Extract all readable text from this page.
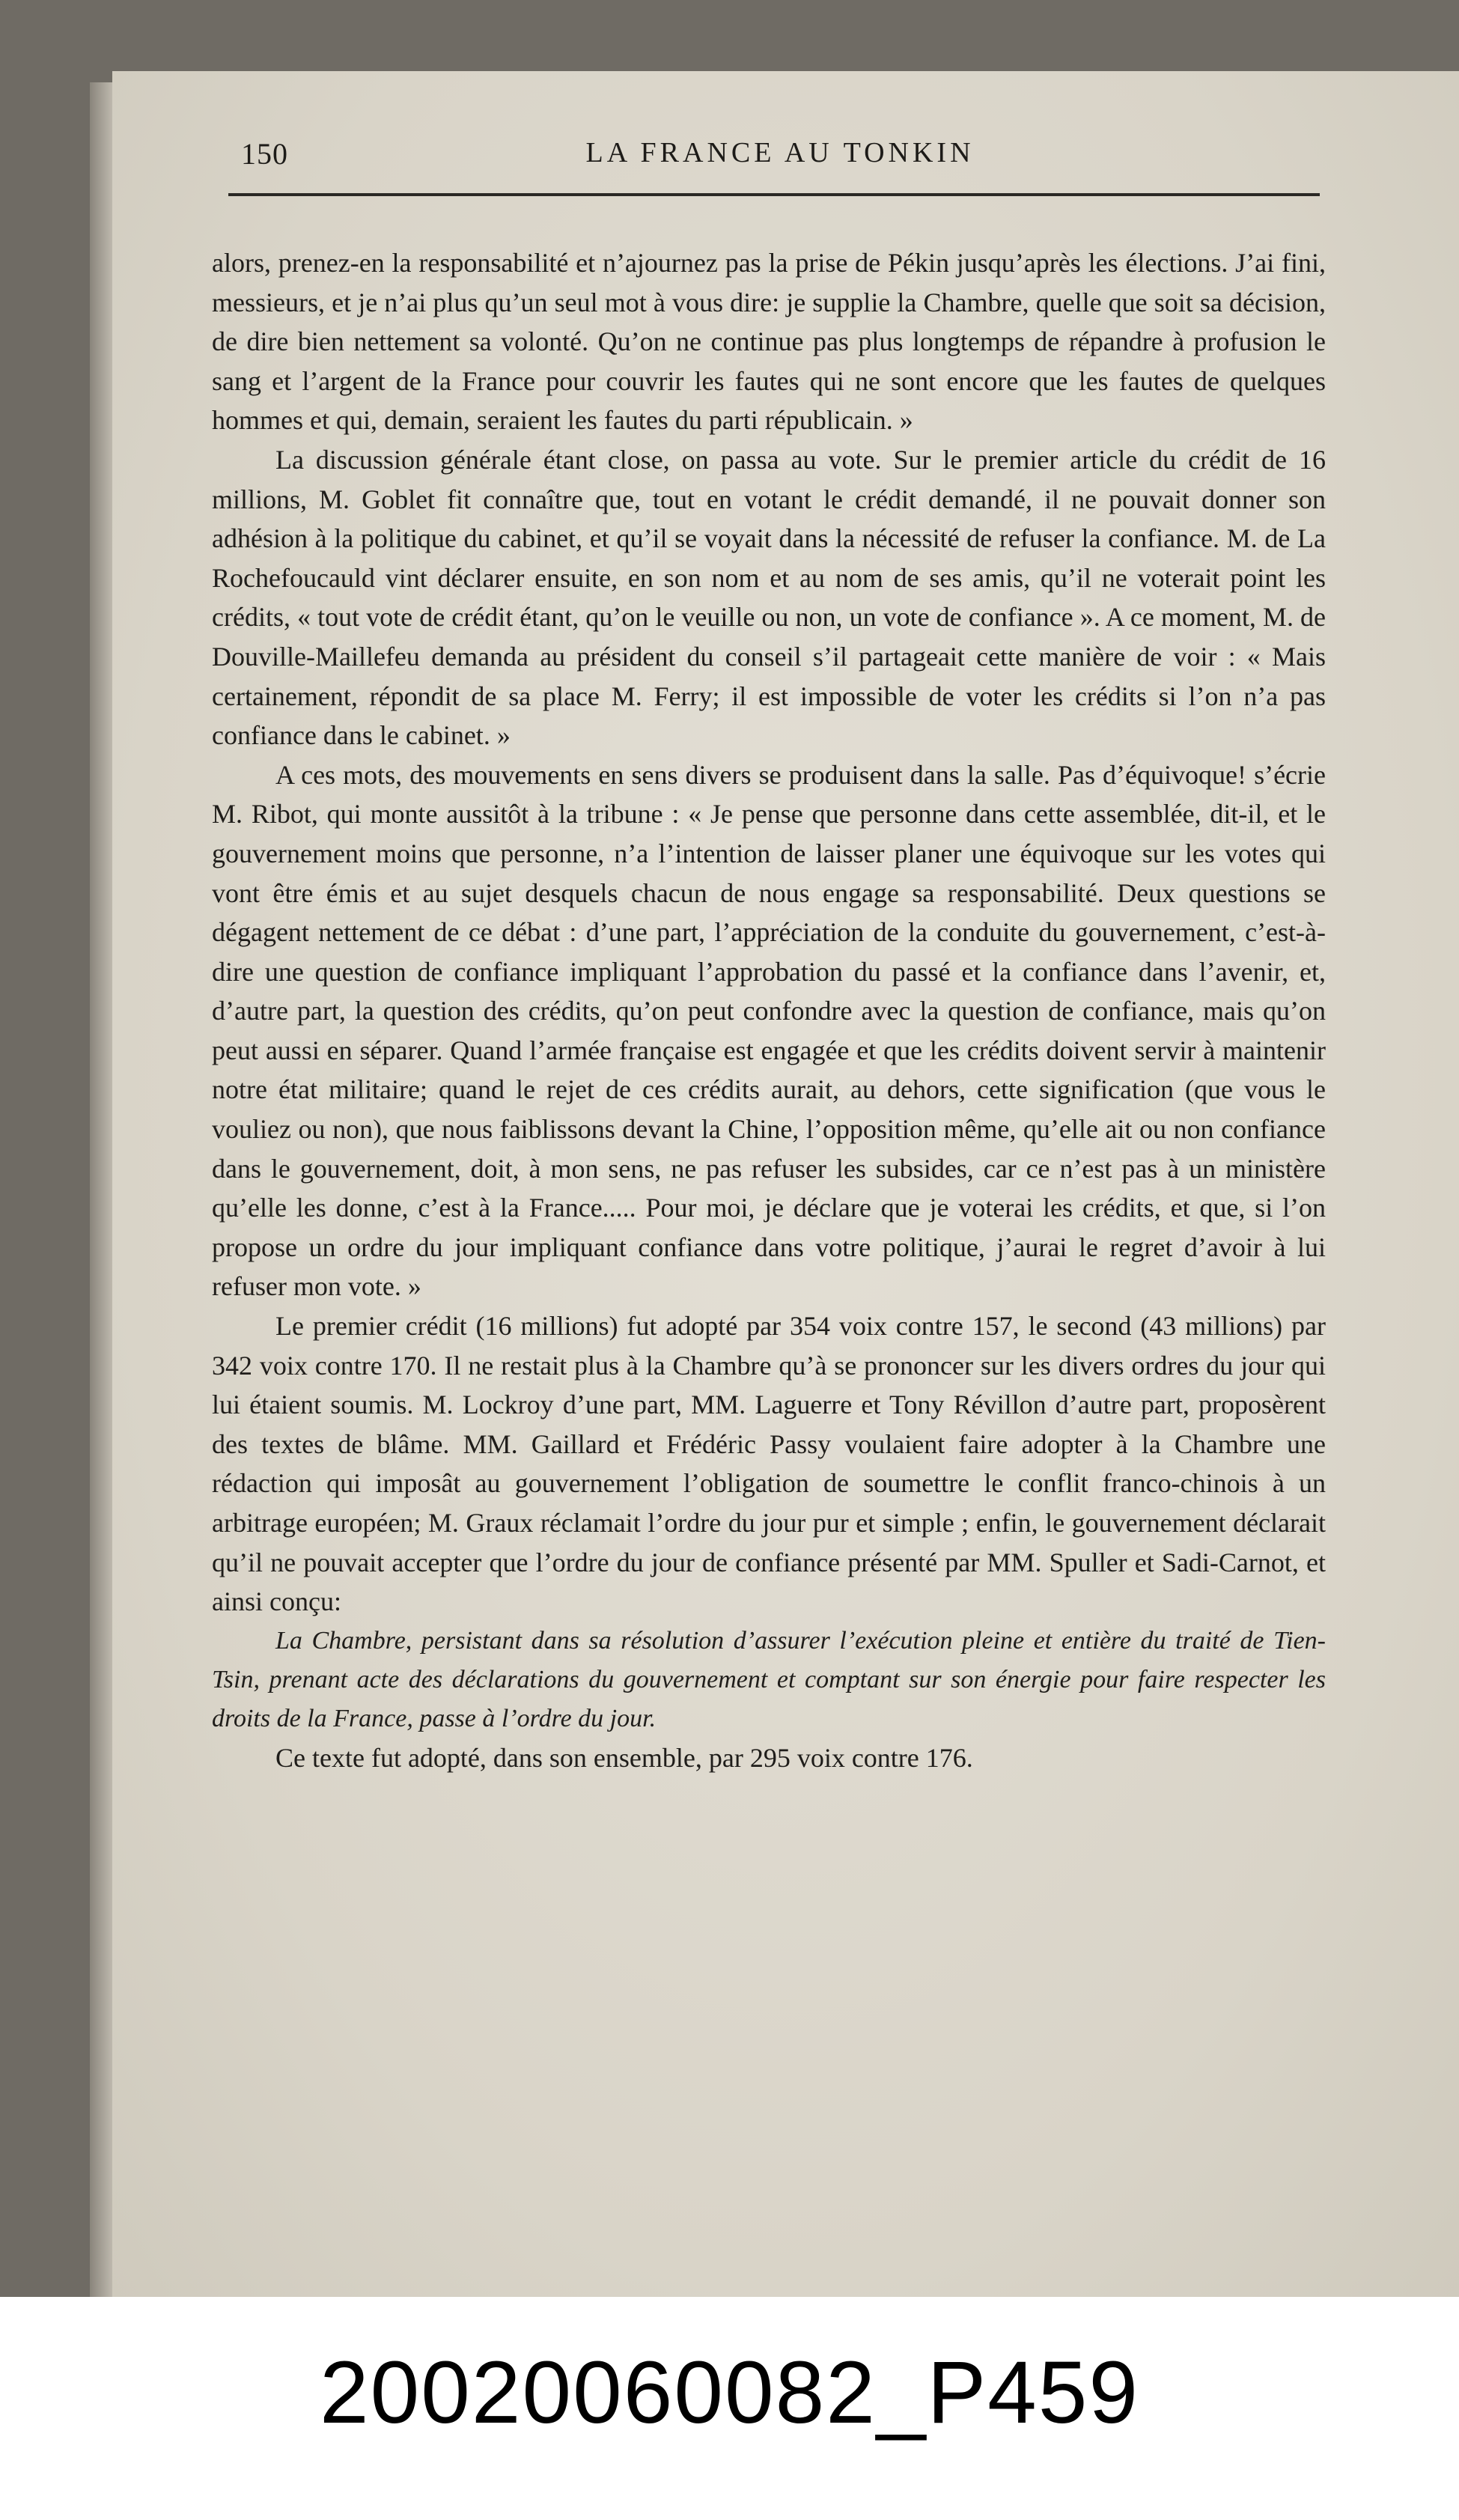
150	LA FRANCE AU TONKIN

alors, prenez-en la responsabilité et n’ajournez pas la prise de Pékin jusqu’après les élections. J’ai fini, messieurs, et je n’ai plus qu’un seul mot à vous dire: je supplie la Chambre, quelle que soit sa décision, de dire bien nettement sa volonté. Qu’on ne continue pas plus longtemps de répandre à profusion le sang et l’argent de la France pour couvrir les fautes qui ne sont encore que les fautes de quelques hommes et qui, demain, seraient les fautes du parti républicain. »

La discussion générale étant close, on passa au vote. Sur le premier article du crédit de 16 millions, M. Goblet fit connaître que, tout en votant le crédit demandé, il ne pouvait donner son adhésion à la politique du cabinet, et qu’il se voyait dans la nécessité de refuser la confiance. M. de La Rochefoucauld vint déclarer ensuite, en son nom et au nom de ses amis, qu’il ne voterait point les crédits, « tout vote de crédit étant, qu’on le veuille ou non, un vote de confiance ». A ce moment, M. de Douville-Maillefeu demanda au président du conseil s’il partageait cette manière de voir : « Mais certainement, répondit de sa place M. Ferry; il est impossible de voter les crédits si l’on n’a pas confiance dans le cabinet. »

A ces mots, des mouvements en sens divers se produisent dans la salle. Pas d’équivoque! s’écrie M. Ribot, qui monte aussitôt à la tribune : « Je pense que personne dans cette assemblée, dit-il, et le gouvernement moins que personne, n’a l’intention de laisser planer une équivoque sur les votes qui vont être émis et au sujet desquels chacun de nous engage sa responsabilité. Deux questions se dégagent nettement de ce débat : d’une part, l’appréciation de la conduite du gouvernement, c’est-à-dire une question de confiance impliquant l’approbation du passé et la confiance dans l’avenir, et, d’autre part, la question des crédits, qu’on peut confondre avec la question de confiance, mais qu’on peut aussi en séparer. Quand l’armée française est engagée et que les crédits doivent servir à maintenir notre état militaire; quand le rejet de ces crédits aurait, au dehors, cette signification (que vous le vouliez ou non), que nous faiblissons devant la Chine, l’opposition même, qu’elle ait ou non confiance dans le gouvernement, doit, à mon sens, ne pas refuser les subsides, car ce n’est pas à un ministère qu’elle les donne, c’est à la France..... Pour moi, je déclare que je voterai les crédits, et que, si l’on propose un ordre du jour impliquant confiance dans votre politique, j’aurai le regret d’avoir à lui refuser mon vote. »

Le premier crédit (16 millions) fut adopté par 354 voix contre 157, le second (43 millions) par 342 voix contre 170. Il ne restait plus à la Chambre qu’à se prononcer sur les divers ordres du jour qui lui étaient soumis. M. Lockroy d’une part, MM. Laguerre et Tony Révillon d’autre part, proposèrent des textes de blâme. MM. Gaillard et Frédéric Passy voulaient faire adopter à la Chambre une rédaction qui imposât au gouvernement l’obligation de soumettre le conflit franco-chinois à un arbitrage européen; M. Graux réclamait l’ordre du jour pur et simple ; enfin, le gouvernement déclarait qu’il ne pouvait accepter que l’ordre du jour de confiance présenté par MM. Spuller et Sadi-Carnot, et ainsi conçu:

La Chambre, persistant dans sa résolution d’assurer l’exécution pleine et entière du traité de Tien-Tsin, prenant acte des déclarations du gouvernement et comptant sur son énergie pour faire respecter les droits de la France, passe à l’ordre du jour.

Ce texte fut adopté, dans son ensemble, par 295 voix contre 176.

20020060082_P459
